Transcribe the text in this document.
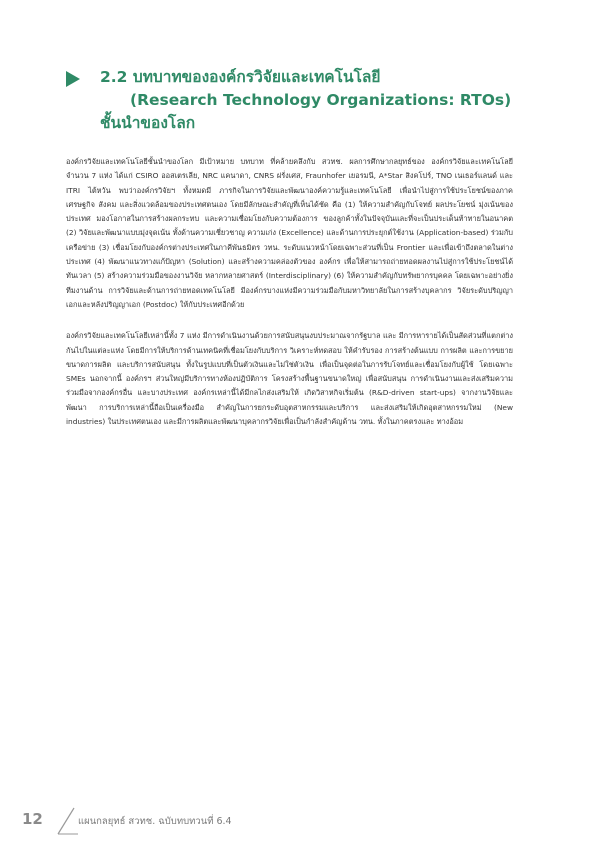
2.2 บทบาทขององค์กรวิจัยและเทคโนโลยี
(Research Technology Organizations: RTOs)
ชั้นนำของโลก

องค์กรวิจัยและเทคโนโลยีชั้นนำของโลก มีเป้าหมาย บทบาท ที่คล้ายคลึงกับ สวทช. ผลการศึกษากลยุทธ์ของ องค์กรวิจัยและเทคโนโลยี จำนวน 7 แห่ง ได้แก่ CSIRO ออสเตรเลีย, NRC แคนาดา, CNRS ฝรั่งเศส, Fraunhofer เยอรมนี, A*Star สิงคโปร์, TNO เนเธอร์แลนด์ และ ITRI ไต้หวัน พบว่าองค์กรวิจัยฯ ทั้งหมดมี ภารกิจในการวิจัยและพัฒนาองค์ความรู้และเทคโนโลยี เพื่อนำไปสู่การใช้ประโยชน์ของภาคเศรษฐกิจ สังคม และสิ่งแวดล้อมของประเทศตนเอง โดยมีลักษณะสำคัญที่เห็นได้ชัด คือ (1) ให้ความสำคัญกับโจทย์ ผลประโยชน์ มุ่งเน้นของประเทศ มองโอกาสในการสร้างผลกระทบ และความเชื่อมโยงกับความต้องการ ของลูกค้าทั้งในปัจจุบันและที่จะเป็นประเด็นท้าทายในอนาคต (2) วิจัยและพัฒนาแบบมุ่งจุดเน้น ทั้งด้านความเชี่ยวชาญ ความเก่ง (Excellence) และด้านการประยุกต์ใช้งาน (Application-based) ร่วมกับ เครือข่าย (3) เชื่อมโยงกับองค์กรต่างประเทศในภาคีพันธมิตร วทน. ระดับแนวหน้าโดยเฉพาะส่วนที่เป็น Frontier และเพื่อเข้าถึงตลาดในต่างประเทศ (4) พัฒนาแนวทางแก้ปัญหา (Solution) และสร้างความคล่องตัวของ องค์กร เพื่อให้สามารถถ่ายทอดผลงานไปสู่การใช้ประโยชน์ได้ทันเวลา (5) สร้างความร่วมมือของงานวิจัย หลากหลายศาสตร์ (Interdisciplinary) (6) ให้ความสำคัญกับทรัพยากรบุคคล โดยเฉพาะอย่างยิ่งทีมงานด้าน การวิจัยและด้านการถ่ายทอดเทคโนโลยี มีองค์กรบางแห่งมีความร่วมมือกับมหาวิทยาลัยในการสร้างบุคลากร วิจัยระดับปริญญาเอกและหลังปริญญาเอก (Postdoc) ให้กับประเทศอีกด้วย

องค์กรวิจัยและเทคโนโลยีเหล่านี้ทั้ง 7 แห่ง มีการดำเนินงานด้วยการสนับสนุนงบประมาณจากรัฐบาล และ มีการหารายได้เป็นสัดส่วนที่แตกต่างกันไปในแต่ละแห่ง โดยมีการให้บริการด้านเทคนิคที่เชื่อมโยงกับบริการ วิเคราะห์ทดสอบ ให้คำรับรอง การสร้างต้นแบบ การผลิต และการขยายขนาดการผลิต และบริการสนับสนุน ทั้งในรูปแบบที่เป็นตัวเงินและไม่ใช่ตัวเงิน เพื่อเป็นจุดต่อในการรับโจทย์และเชื่อมโยงกับผู้ใช้ โดยเฉพาะ SMEs นอกจากนี้ องค์กรฯ ส่วนใหญ่มีบริการทางห้องปฏิบัติการ โครงสร้างพื้นฐานขนาดใหญ่ เพื่อสนับสนุน การดำเนินงานและส่งเสริมความร่วมมือจากองค์กรอื่น และบางประเทศ องค์กรเหล่านี้ได้มีกลไกส่งเสริมให้ เกิดวิสาหกิจเริ่มต้น (R&D-driven start-ups) จากงานวิจัยและพัฒนา การบริการเหล่านี้ถือเป็นเครื่องมือ สำคัญในการยกระดับอุตสาหกรรมและบริการ และส่งเสริมให้เกิดอุตสาหกรรมใหม่ (New industries) ในประเทศตนเอง และมีการผลิตและพัฒนาบุคลากรวิจัยเพื่อเป็นกำลังสำคัญด้าน วทน. ทั้งในภาคตรงและ ทางอ้อม

12	แผนกลยุทธ์ สวทช. ฉบับทบทวนที่ 6.4
